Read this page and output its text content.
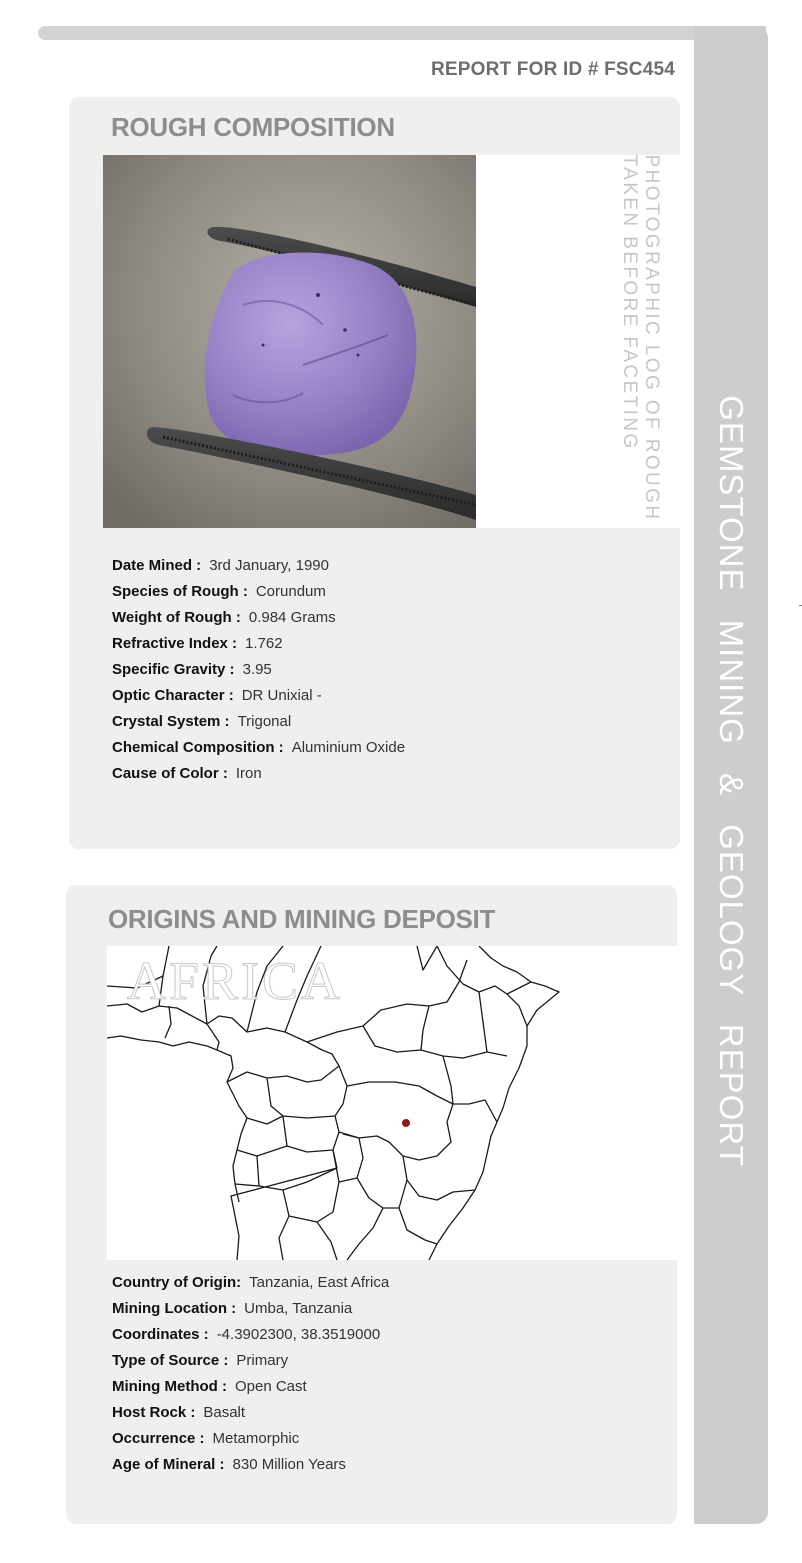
GEMSTONE MINING & GEOLOGY REPORT
REPORT FOR ID # FSC454
ROUGH COMPOSITION
PHOTOGRAPHIC LOG OF ROUGH
TAKEN BEFORE FACETING
Date Mined : 3rd January, 1990
Species of Rough : Corundum
Weight of Rough : 0.984 Grams
Refractive Index : 1.762
Specific Gravity : 3.95
Optic Character : DR Unixial -
Crystal System : Trigonal
Chemical Composition : Aluminium Oxide
Cause of Color : Iron
ORIGINS AND MINING DEPOSIT
AFRICA
Country of Origin: Tanzania, East Africa
Mining Location : Umba, Tanzania
Coordinates : -4.3902300, 38.3519000
Type of Source : Primary
Mining Method : Open Cast
Host Rock : Basalt
Occurrence : Metamorphic
Age of Mineral : 830 Million Years
